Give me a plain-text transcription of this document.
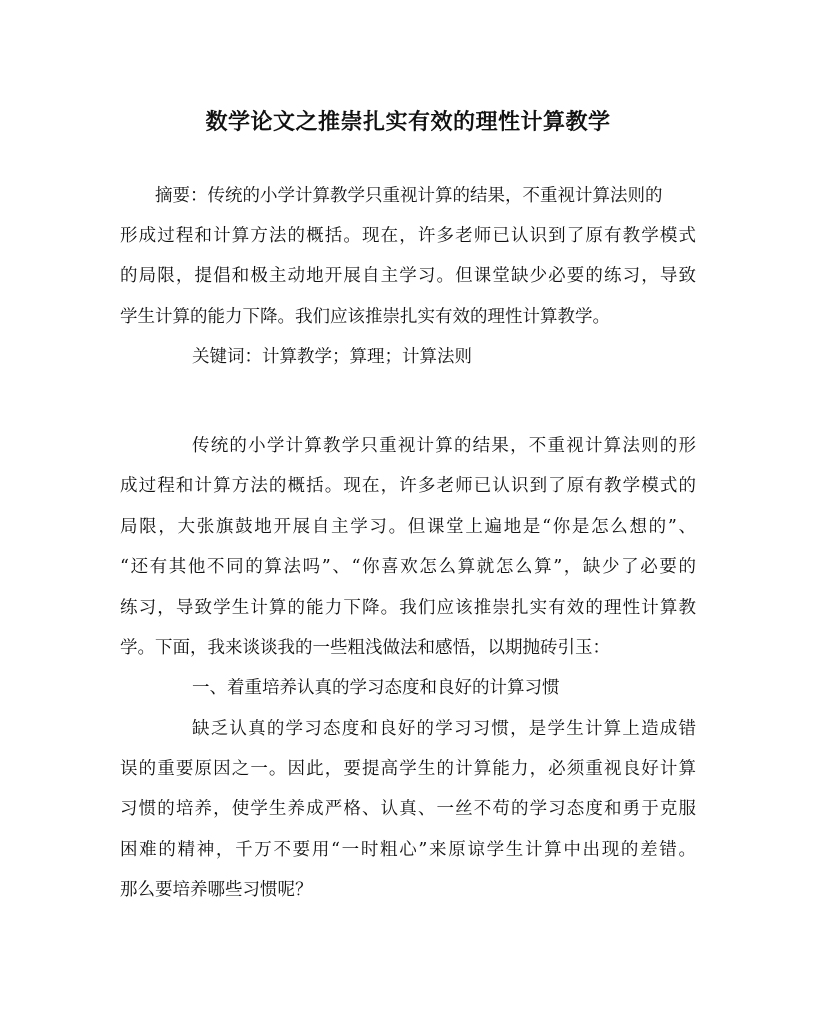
数学论文之推崇扎实有效的理性计算教学

摘要：传统的小学计算教学只重视计算的结果，不重视计算法则的

形成过程和计算方法的概括。现在，许多老师已认识到了原有教学模式

的局限，提倡和极主动地开展自主学习。但课堂缺少必要的练习，导致

学生计算的能力下降。我们应该推崇扎实有效的理性计算教学。

关键词：计算教学；算理；计算法则

传统的小学计算教学只重视计算的结果，不重视计算法则的形

成过程和计算方法的概括。现在，许多老师已认识到了原有教学模式的

局限，大张旗鼓地开展自主学习。但课堂上遍地是“你是怎么想的”、

“还有其他不同的算法吗”、“你喜欢怎么算就怎么算”，缺少了必要的

练习，导致学生计算的能力下降。我们应该推崇扎实有效的理性计算教

学。下面，我来谈谈我的一些粗浅做法和感悟，以期抛砖引玉：

一、着重培养认真的学习态度和良好的计算习惯

缺乏认真的学习态度和良好的学习习惯，是学生计算上造成错

误的重要原因之一。因此，要提高学生的计算能力，必须重视良好计算

习惯的培养，使学生养成严格、认真、一丝不苟的学习态度和勇于克服

困难的精神，千万不要用“一时粗心”来原谅学生计算中出现的差错。

那么要培养哪些习惯呢？
